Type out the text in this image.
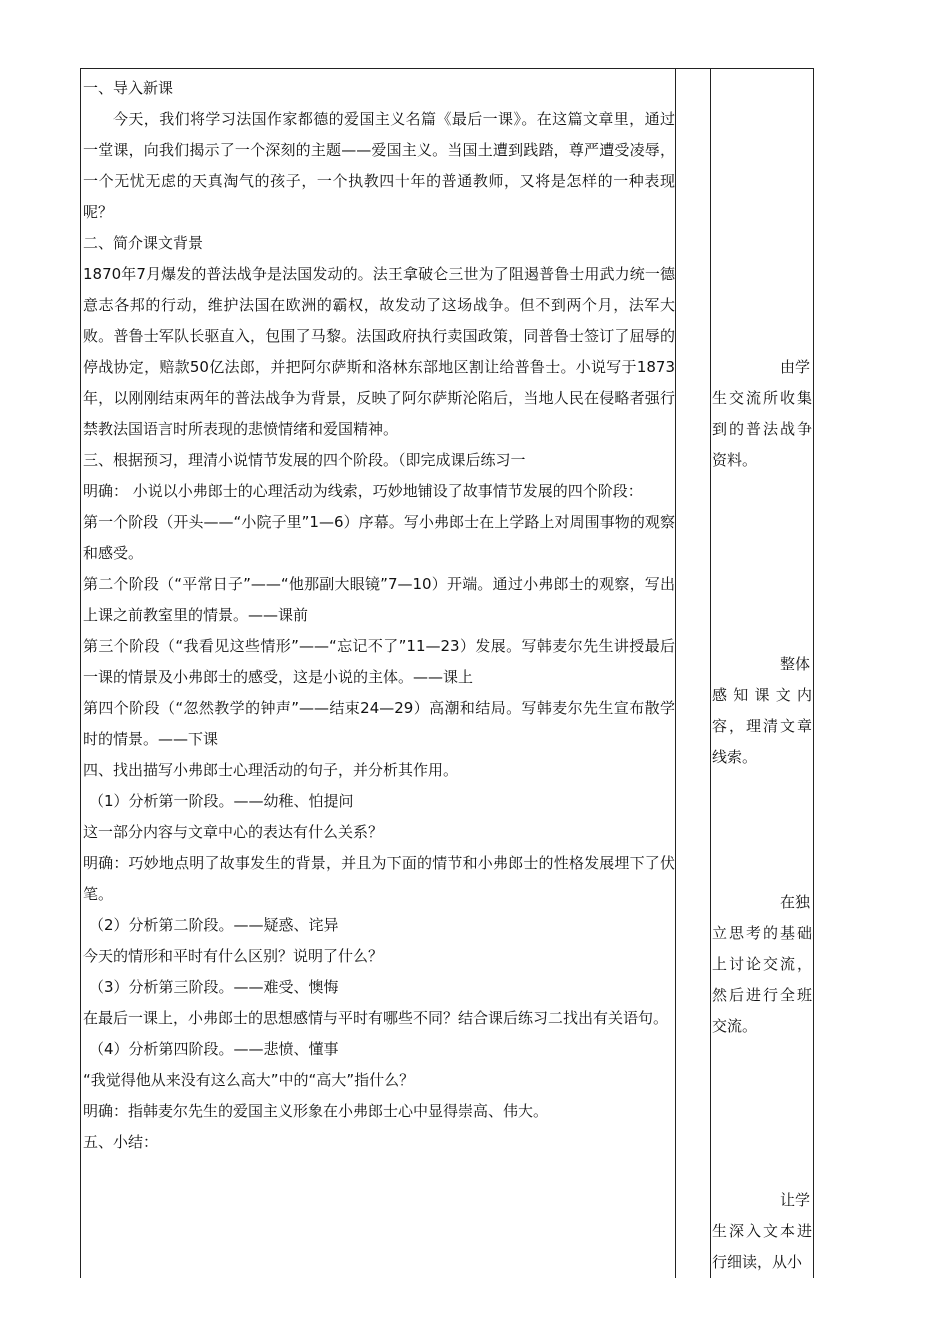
一、导入新课

今天，我们将学习法国作家都德的爱国主义名篇《最后一课》。在这篇文章里，通过一堂课，向我们揭示了一个深刻的主题——爱国主义。当国土遭到践踏，尊严遭受凌辱，一个无忧无虑的天真淘气的孩子，一个执教四十年的普通教师，又将是怎样的一种表现呢？

二、简介课文背景

1870年7月爆发的普法战争是法国发动的。法王拿破仑三世为了阻遏普鲁士用武力统一德意志各邦的行动，维护法国在欧洲的霸权，故发动了这场战争。但不到两个月，法军大败。普鲁士军队长驱直入，包围了马黎。法国政府执行卖国政策，同普鲁士签订了屈辱的停战协定，赔款50亿法郎，并把阿尔萨斯和洛林东部地区割让给普鲁士。小说写于1873年，以刚刚结束两年的普法战争为背景，反映了阿尔萨斯沦陷后，当地人民在侵略者强行禁教法国语言时所表现的悲愤情绪和爱国精神。

三、根据预习，理清小说情节发展的四个阶段。（即完成课后练习一

明确： 小说以小弗郎士的心理活动为线索，巧妙地铺设了故事情节发展的四个阶段：

第一个阶段（开头——“小院子里”1—6）序幕。写小弗郎士在上学路上对周围事物的观察和感受。

第二个阶段（“平常日子”——“他那副大眼镜”7—10）开端。通过小弗郎士的观察，写出上课之前教室里的情景。——课前

第三个阶段（“我看见这些情形”——“忘记不了”11—23）发展。写韩麦尔先生讲授最后一课的情景及小弗郎士的感受，这是小说的主体。——课上

第四个阶段（“忽然教学的钟声”——结束24—29）高潮和结局。写韩麦尔先生宣布散学时的情景。——下课

四、找出描写小弗郎士心理活动的句子，并分析其作用。

（1）分析第一阶段。——幼稚、怕提问

这一部分内容与文章中心的表达有什么关系？

明确：巧妙地点明了故事发生的背景，并且为下面的情节和小弗郎士的性格发展埋下了伏笔。

（2）分析第二阶段。——疑惑、诧异

今天的情形和平时有什么区别？说明了什么？

（3）分析第三阶段。——难受、懊悔

在最后一课上，小弗郎士的思想感情与平时有哪些不同？结合课后练习二找出有关语句。

（4）分析第四阶段。——悲愤、懂事

“我觉得他从来没有这么高大”中的“高大”指什么？

明确：指韩麦尔先生的爱国主义形象在小弗郎士心中显得崇高、伟大。

五、小结：

由学
生交流所收集到的普法战争资料。
整体
感知课文内容，理清文章线索。
在独
立思考的基础上讨论交流，然后进行全班交流。
让学
生深入文本进行细读，从小
